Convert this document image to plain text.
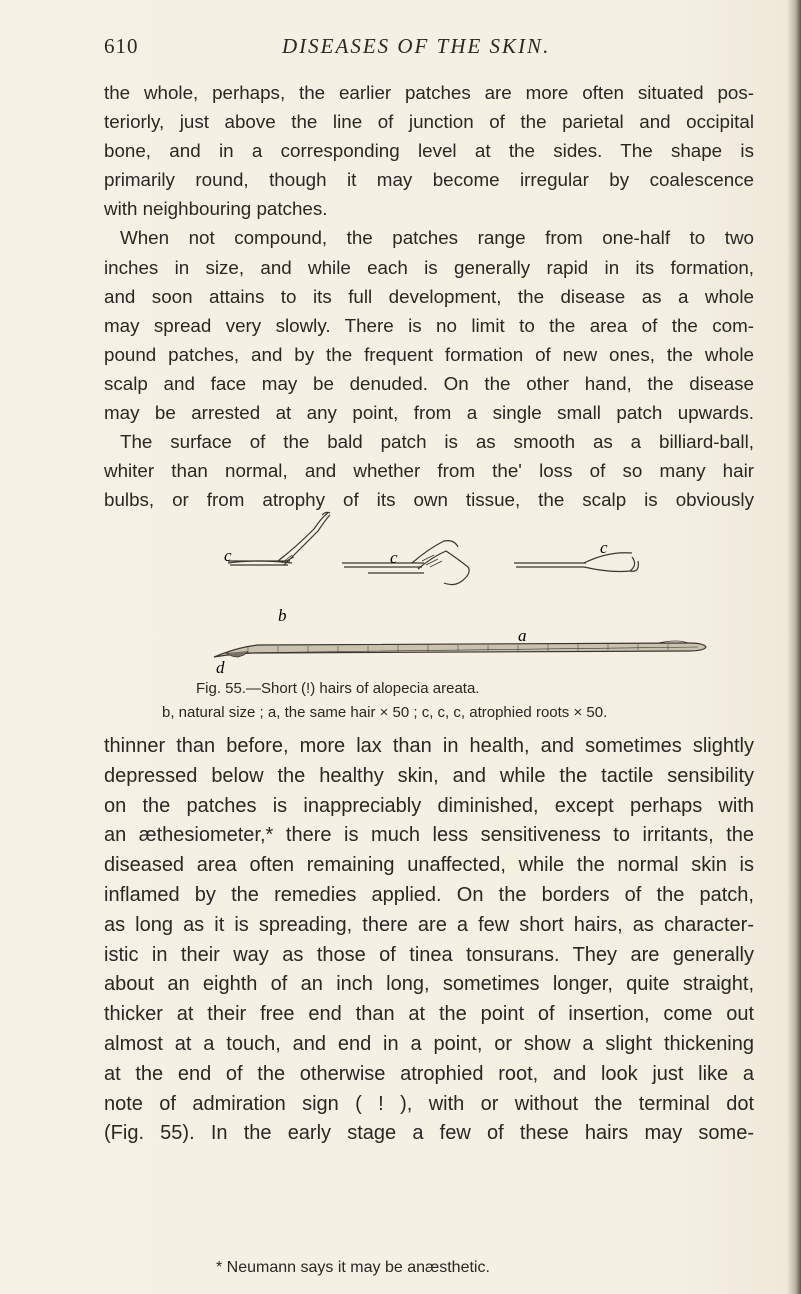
610	DISEASES OF THE SKIN.
the whole, perhaps, the earlier patches are more often situated pos-
teriorly, just above the line of junction of the parietal and occipital
bone, and in a corresponding level at the sides. The shape is
primarily round, though it may become irregular by coalescence
with neighbouring patches.
When not compound, the patches range from one-half to two
inches in size, and while each is generally rapid in its formation,
and soon attains to its full development, the disease as a whole
may spread very slowly. There is no limit to the area of the com-
pound patches, and by the frequent formation of new ones, the whole
scalp and face may be denuded. On the other hand, the disease
may be arrested at any point, from a single small patch upwards.
The surface of the bald patch is as smooth as a billiard-ball,
whiter than normal, and whether from the' loss of so many hair
bulbs, or from atrophy of its own tissue, the scalp is obviously
c	c
c
b
a
d
Fig. 55.—Short (!) hairs of alopecia areata.
b, natural size ; a, the same hair × 50 ; c, c, c, atrophied roots × 50.
thinner than before, more lax than in health, and sometimes slightly
depressed below the healthy skin, and while the tactile sensibility
on the patches is inappreciably diminished, except perhaps with
an æthesiometer,* there is much less sensitiveness to irritants, the
diseased area often remaining unaffected, while the normal skin is
inflamed by the remedies applied. On the borders of the patch,
as long as it is spreading, there are a few short hairs, as character-
istic in their way as those of tinea tonsurans. They are generally
about an eighth of an inch long, sometimes longer, quite straight,
thicker at their free end than at the point of insertion, come out
almost at a touch, and end in a point, or show a slight thickening
at the end of the otherwise atrophied root, and look just like a
note of admiration sign ( ! ), with or without the terminal dot
(Fig. 55). In the early stage a few of these hairs may some-
* Neumann says it may be anæsthetic.
